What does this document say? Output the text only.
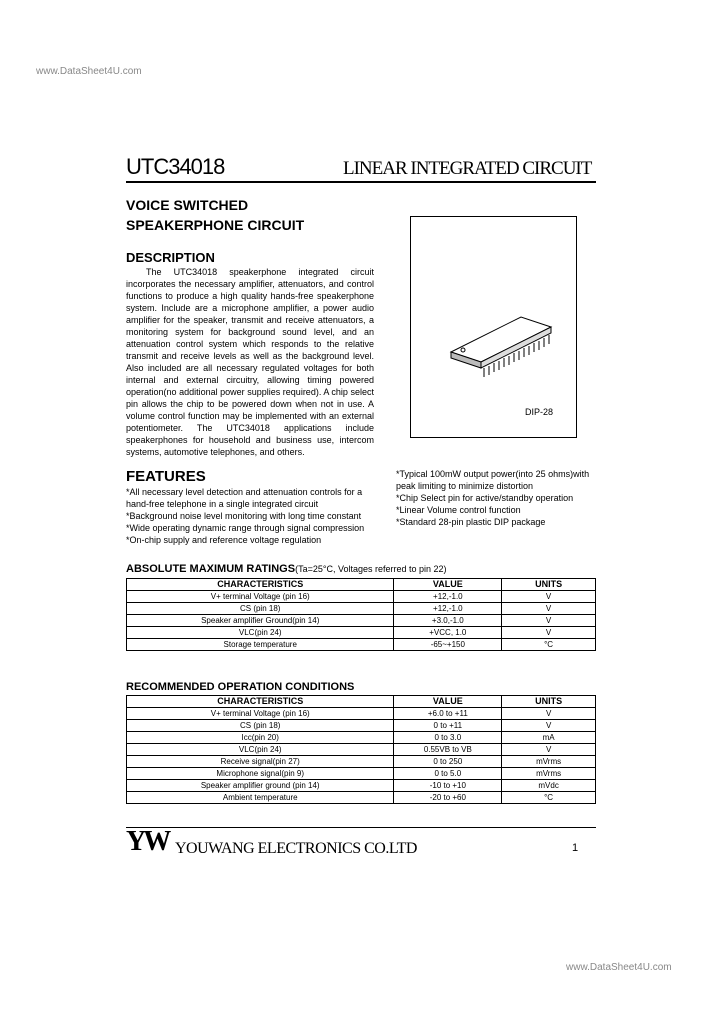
www.DataSheet4U.com
UTC34018	LINEAR INTEGRATED CIRCUIT
VOICE SWITCHED
SPEAKERPHONE CIRCUIT
DIP-28
DESCRIPTION
The UTC34018 speakerphone integrated circuit incorporates the necessary amplifier, attenuators, and control functions to produce a high quality hands-free speakerphone system. Include are a microphone amplifier, a power audio amplifier for the speaker, transmit and receive attenuators, a monitoring system for background sound level, and an attenuation control system which responds to the relative transmit and receive levels as well as the background level. Also included are all necessary regulated voltages for both internal and external circuitry, allowing timing powered operation(no additional power supplies required). A chip select pin allows the chip to be powered down when not in use. A volume control function may be implemented with an external potentiometer. The UTC34018 applications include speakerphones for household and business use, intercom systems, automotive telephones, and others.
FEATURES
*All necessary level detection and attenuation controls for a
hand-free telephone in a single integrated circuit
*Background noise level monitoring with long time constant
*Wide operating dynamic range through signal compression
*On-chip supply and reference voltage regulation
*Typical 100mW output power(into 25 ohms)with
peak limiting to minimize distortion
*Chip Select pin for active/standby operation
*Linear Volume control function
*Standard 28-pin plastic DIP package
ABSOLUTE MAXIMUM RATINGS(Ta=25°C, Voltages referred to pin 22)
CHARACTERISTICS	VALUE	UNITS
V+ terminal Voltage (pin 16)	+12,-1.0	V
CS (pin 18)	+12,-1.0	V
Speaker amplifier Ground(pin 14)	+3.0,-1.0	V
VLC(pin 24)	+VCC, 1.0	V
Storage temperature	-65~+150	°C
RECOMMENDED OPERATION CONDITIONS
CHARACTERISTICS	VALUE	UNITS
V+ terminal Voltage (pin 16)	+6.0 to +11	V
CS (pin 18)	0 to +11	V
Icc(pin 20)	0 to 3.0	mA
VLC(pin 24)	0.55VB to VB	V
Receive signal(pin 27)	0 to 250	mVrms
Microphone signal(pin 9)	0 to 5.0	mVrms
Speaker amplifier ground (pin 14)	-10 to +10	mVdc
Ambient temperature	-20 to +60	°C
YW YOUWANG ELECTRONICS CO.LTD	1
www.DataSheet4U.com
